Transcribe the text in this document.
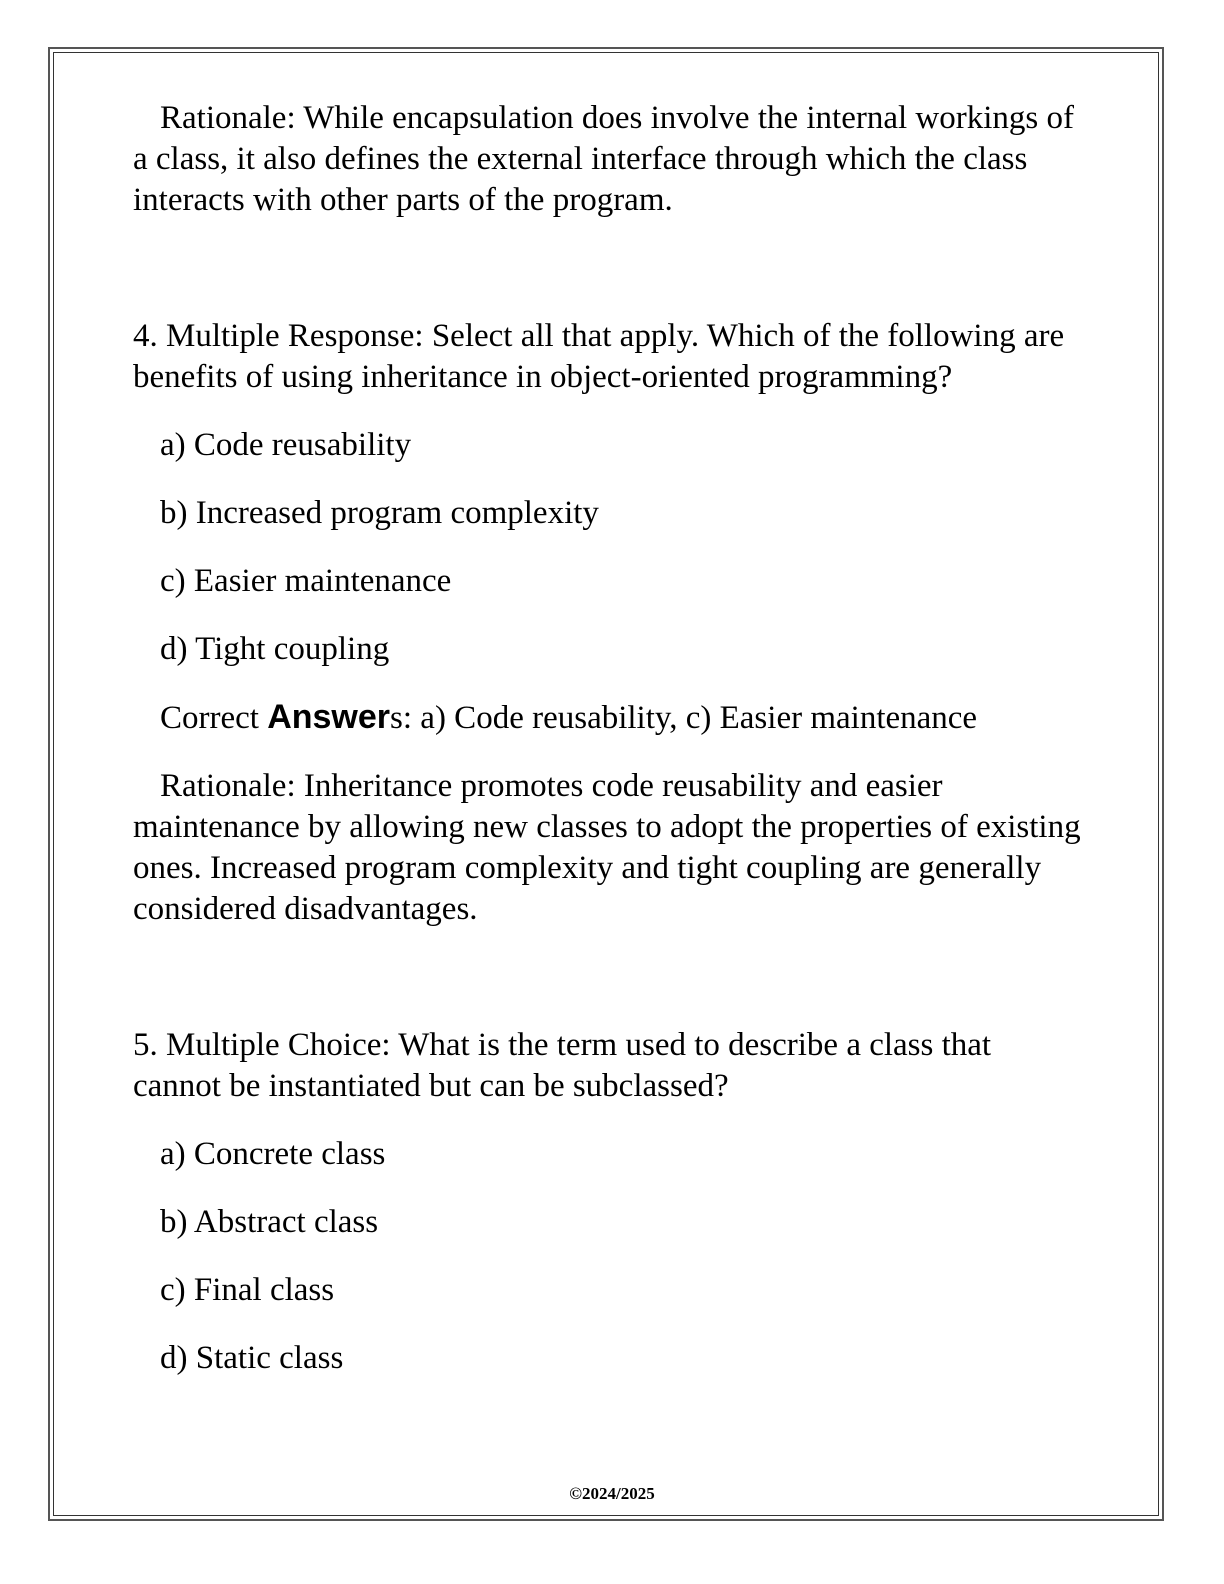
Rationale: While encapsulation does involve the internal workings of a class, it also defines the external interface through which the class interacts with other parts of the program.

4. Multiple Response: Select all that apply. Which of the following are benefits of using inheritance in object-oriented programming?

a) Code reusability
b) Increased program complexity
c) Easier maintenance
d) Tight coupling
Correct Answers: a) Code reusability, c) Easier maintenance

Rationale: Inheritance promotes code reusability and easier maintenance by allowing new classes to adopt the properties of existing ones. Increased program complexity and tight coupling are generally considered disadvantages.

5. Multiple Choice: What is the term used to describe a class that cannot be instantiated but can be subclassed?

a) Concrete class
b) Abstract class
c) Final class
d) Static class
©2024/2025
